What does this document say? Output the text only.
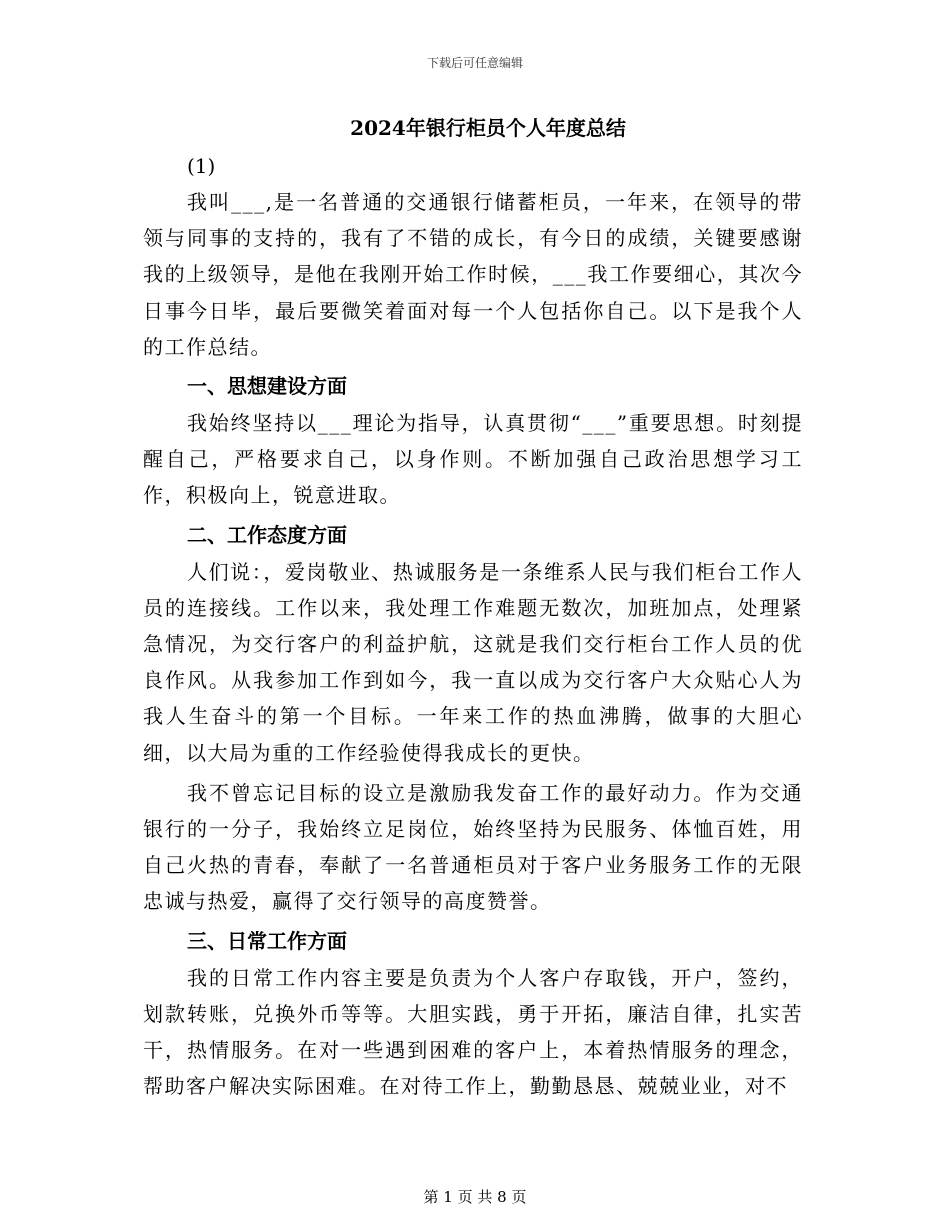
下载后可任意编辑
2024年银行柜员个人年度总结

(1)

我叫___,是一名普通的交通银行储蓄柜员，一年来，在领导的带领与同事的支持的，我有了不错的成长，有今日的成绩，关键要感谢我的上级领导，是他在我刚开始工作时候，___我工作要细心，其次今日事今日毕，最后要微笑着面对每一个人包括你自己。以下是我个人的工作总结。

一、思想建设方面

我始终坚持以___理论为指导，认真贯彻“___”重要思想。时刻提醒自己，严格要求自己，以身作则。不断加强自己政治思想学习工作，积极向上，锐意进取。

二、工作态度方面

人们说：，爱岗敬业、热诚服务是一条维系人民与我们柜台工作人员的连接线。工作以来，我处理工作难题无数次，加班加点，处理紧急情况，为交行客户的利益护航，这就是我们交行柜台工作人员的优良作风。从我参加工作到如今，我一直以成为交行客户大众贴心人为我人生奋斗的第一个目标。一年来工作的热血沸腾，做事的大胆心细，以大局为重的工作经验使得我成长的更快。

我不曾忘记目标的设立是激励我发奋工作的最好动力。作为交通银行的一分子，我始终立足岗位，始终坚持为民服务、体恤百姓，用自己火热的青春，奉献了一名普通柜员对于客户业务服务工作的无限忠诚与热爱，赢得了交行领导的高度赞誉。

三、日常工作方面

我的日常工作内容主要是负责为个人客户存取钱，开户，签约，划款转账，兑换外币等等。大胆实践，勇于开拓，廉洁自律，扎实苦干，热情服务。在对一些遇到困难的客户上，本着热情服务的理念，帮助客户解决实际困难。在对待工作上，勤勤恳恳、兢兢业业，对不

第 1 页 共 8 页
